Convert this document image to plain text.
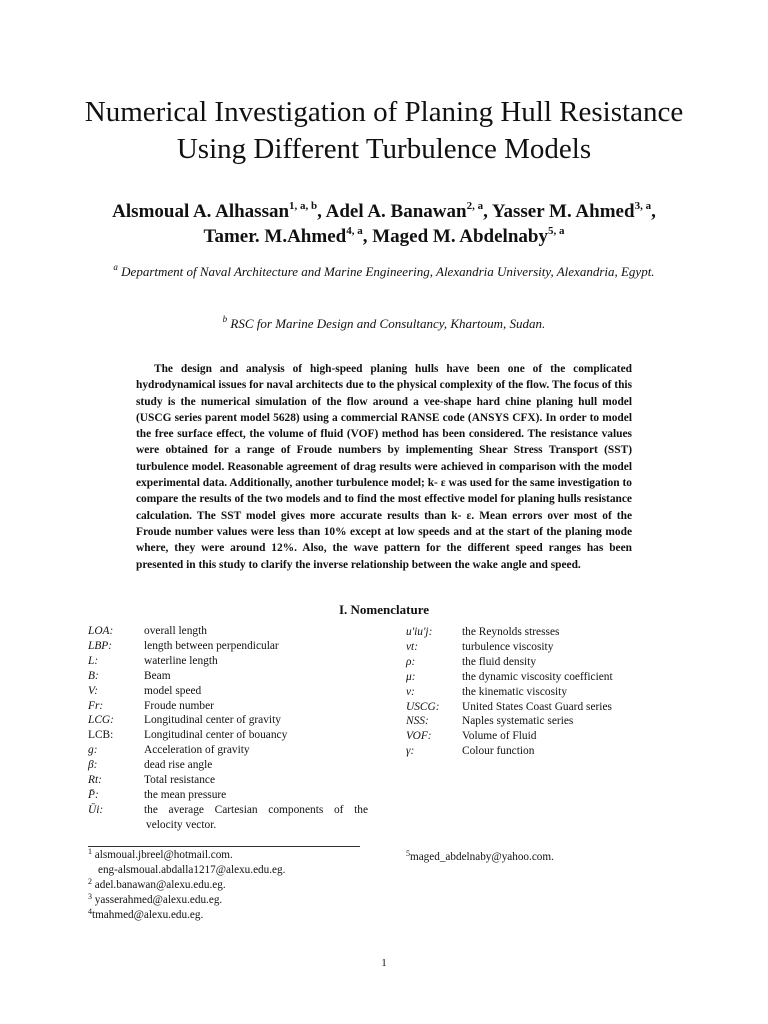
Numerical Investigation of Planing Hull Resistance Using Different Turbulence Models
Alsmoual A. Alhassan$^{1, a, b}$, Adel A. Banawan$^{2, a}$, Yasser M. Ahmed$^{3, a}$, Tamer. M.Ahmed$^{4, a}$, Maged M. Abdelnaby$^{5, a}$
$^a$ Department of Naval Architecture and Marine Engineering, Alexandria University, Alexandria, Egypt.
$^b$ RSC for Marine Design and Consultancy, Khartoum, Sudan.

The design and analysis of high-speed planing hulls have been one of the complicated hydrodynamical issues for naval architects due to the physical complexity of the flow. The focus of this study is the numerical simulation of the flow around a vee-shape hard chine planing hull model (USCG series parent model 5628) using a commercial RANSE code (ANSYS CFX). In order to model the free surface effect, the volume of fluid (VOF) method has been considered. The resistance values were obtained for a range of Froude numbers by implementing Shear Stress Transport (SST) turbulence model. Reasonable agreement of drag results were achieved in comparison with the model experimental data. Additionally, another turbulence model; k- ε was used for the same investigation to compare the results of the two models and to find the most effective model for planing hulls resistance calculation. The SST model gives more accurate results than k- ε. Mean errors over most of the Froude number values were less than 10% except at low speeds and at the start of the planing mode where, they were around 12%. Also, the wave pattern for the different speed ranges has been presented in this study to clarify the inverse relationship between the wake angle and speed.

I. Nomenclature
LOA:	overall length
LBP:	length between perpendicular
L:	waterline length
B:	Beam
V:	model speed
Fr:	Froude number
LCG:	Longitudinal center of gravity
LCB:	Longitudinal center of bouancy
g:	Acceleration of gravity
β:	dead rise angle
Rt:	Total resistance
P̄:	the mean pressure
Ūi:	the average Cartesian components of the
velocity vector.
u'iu'j:	the Reynolds stresses
νt:	turbulence viscosity
ρ:	the fluid density
μ:	the dynamic viscosity coefficient
ν:	the kinematic viscosity
USCG:	United States Coast Guard series
NSS:	Naples systematic series
VOF:	Volume of Fluid
γ:	Colour function
$^1$ alsmoual.jbreel@hotmail.com.
eng-alsmoual.abdalla1217@alexu.edu.eg.
$^2$ adel.banawan@alexu.edu.eg.
$^3$ yasserahmed@alexu.edu.eg.
$^4$tmahmed@alexu.edu.eg.
$^5$maged_abdelnaby@yahoo.com.
1
